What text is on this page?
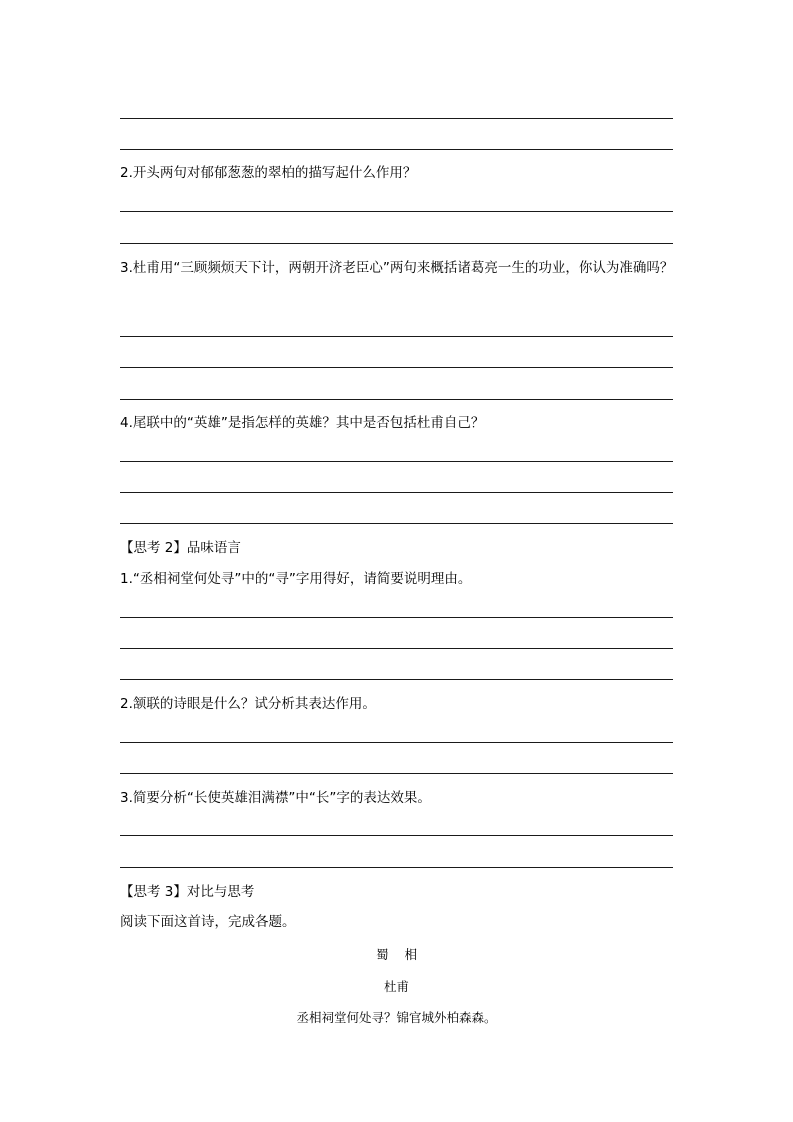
2.开头两句对郁郁葱葱的翠柏的描写起什么作用？
3.杜甫用“三顾频烦天下计，两朝开济老臣心”两句来概括诸葛亮一生的功业，你认为准确吗？
4.尾联中的“英雄”是指怎样的英雄？其中是否包括杜甫自己？
【思考 2】品味语言
1.“丞相祠堂何处寻”中的“寻”字用得好，请简要说明理由。
2.颔联的诗眼是什么？试分析其表达作用。
3.简要分析“长使英雄泪满襟”中“长”字的表达效果。
【思考 3】对比与思考
阅读下面这首诗，完成各题。
蜀    相
杜甫
丞相祠堂何处寻？锦官城外柏森森。
